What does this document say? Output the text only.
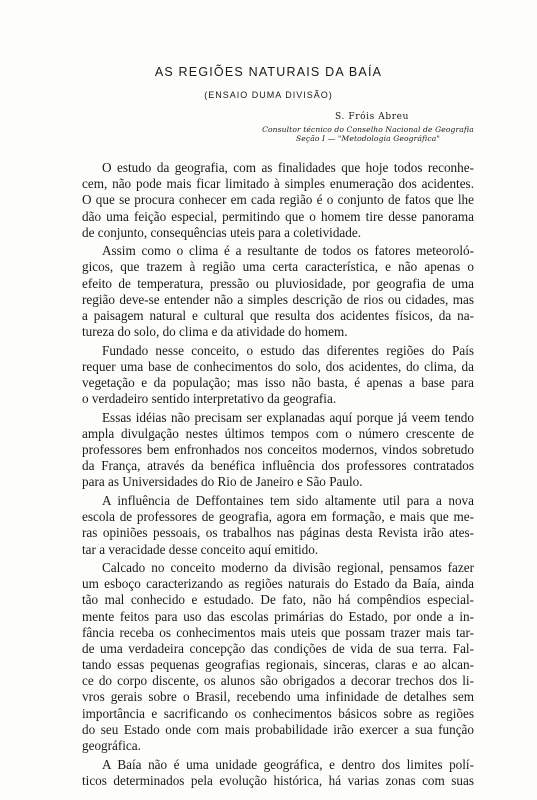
AS REGIÕES NATURAIS DA BAÍA
(ENSAIO DUMA DIVISÃO)
S. Fróis Abreu
Consultor técnico do Conselho Nacional de Geografia
Seção I — "Metodologia Geográfica"
O estudo da geografia, com as finalidades que hoje todos reconhe-
cem, não pode mais ficar limitado à simples enumeração dos acidentes.
O que se procura conhecer em cada região é o conjunto de fatos que lhe
dão uma feição especial, permitindo que o homem tire desse panorama
de conjunto, consequências uteis para a coletividade.
Assim como o clima é a resultante de todos os fatores meteoroló-
gicos, que trazem à região uma certa característica, e não apenas o
efeito de temperatura, pressão ou pluviosidade, por geografia de uma
região deve-se entender não a simples descrição de rios ou cidades, mas
a paisagem natural e cultural que resulta dos acidentes físicos, da na-
tureza do solo, do clima e da atividade do homem.
Fundado nesse conceito, o estudo das diferentes regiões do País
requer uma base de conhecimentos do solo, dos acidentes, do clima, da
vegetação e da população; mas isso não basta, é apenas a base para
o verdadeiro sentido interpretativo da geografia.
Essas idéias não precisam ser explanadas aquí porque já veem tendo
ampla divulgação nestes últimos tempos com o número crescente de
professores bem enfronhados nos conceitos modernos, vindos sobretudo
da França, através da benéfica influência dos professores contratados
para as Universidades do Rio de Janeiro e São Paulo.
A influência de Deffontaines tem sido altamente util para a nova
escola de professores de geografia, agora em formação, e mais que me-
ras opiniões pessoais, os trabalhos nas páginas desta Revista irão ates-
tar a veracidade desse conceito aquí emitido.
Calcado no conceito moderno da divisão regional, pensamos fazer
um esboço caracterizando as regiões naturais do Estado da Baía, ainda
tão mal conhecido e estudado. De fato, não há compêndios especial-
mente feitos para uso das escolas primárias do Estado, por onde a in-
fância receba os conhecimentos mais uteis que possam trazer mais tar-
de uma verdadeira concepção das condições de vida de sua terra. Fal-
tando essas pequenas geografias regionais, sinceras, claras e ao alcan-
ce do corpo discente, os alunos são obrigados a decorar trechos dos li-
vros gerais sobre o Brasil, recebendo uma infinidade de detalhes sem
importância e sacrificando os conhecimentos básicos sobre as regiões
do seu Estado onde com mais probabilidade irão exercer a sua função
geográfica.
A Baía não é uma unidade geográfica, e dentro dos limites polí-
ticos determinados pela evolução histórica, há varias zonas com suas
